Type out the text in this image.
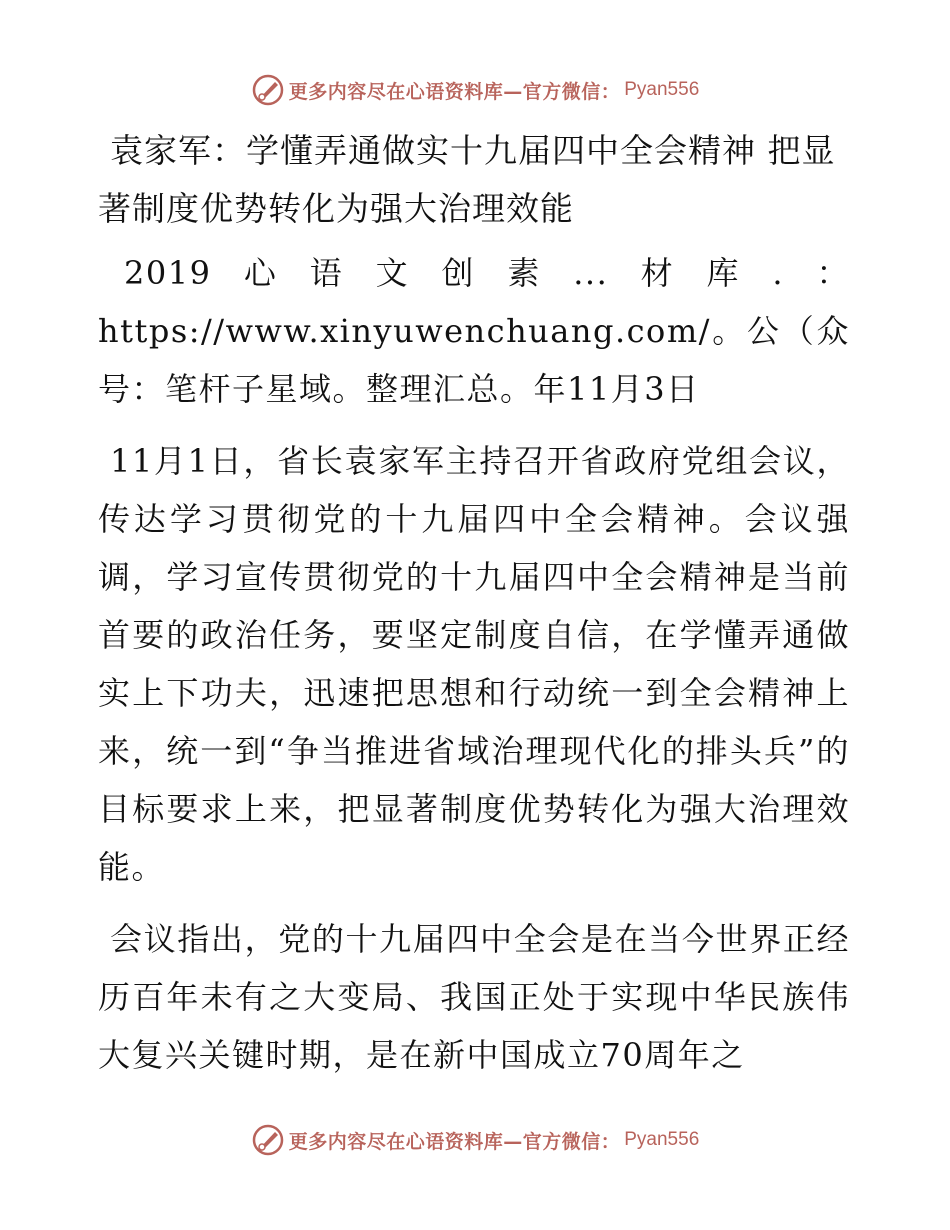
更多内容尽在心语资料库—官方微信： Pyan556
袁家军：学懂弄通做实十九届四中全会精神 把显著制度优势转化为强大治理效能

2019心语文创素...材库.：https://www.xinyuwenchuang.com/。公（众号：笔杆子星域。整理汇总。年11月3日

11月1日，省长袁家军主持召开省政府党组会议，传达学习贯彻党的十九届四中全会精神。会议强调，学习宣传贯彻党的十九届四中全会精神是当前首要的政治任务，要坚定制度自信，在学懂弄通做实上下功夫，迅速把思想和行动统一到全会精神上来，统一到“争当推进省域治理现代化的排头兵”的目标要求上来，把显著制度优势转化为强大治理效能。

会议指出，党的十九届四中全会是在当今世界正经历百年未有之大变局、我国正处于实现中华民族伟大复兴关键时期，是在新中国成立70周年之

更多内容尽在心语资料库—官方微信： Pyan556
